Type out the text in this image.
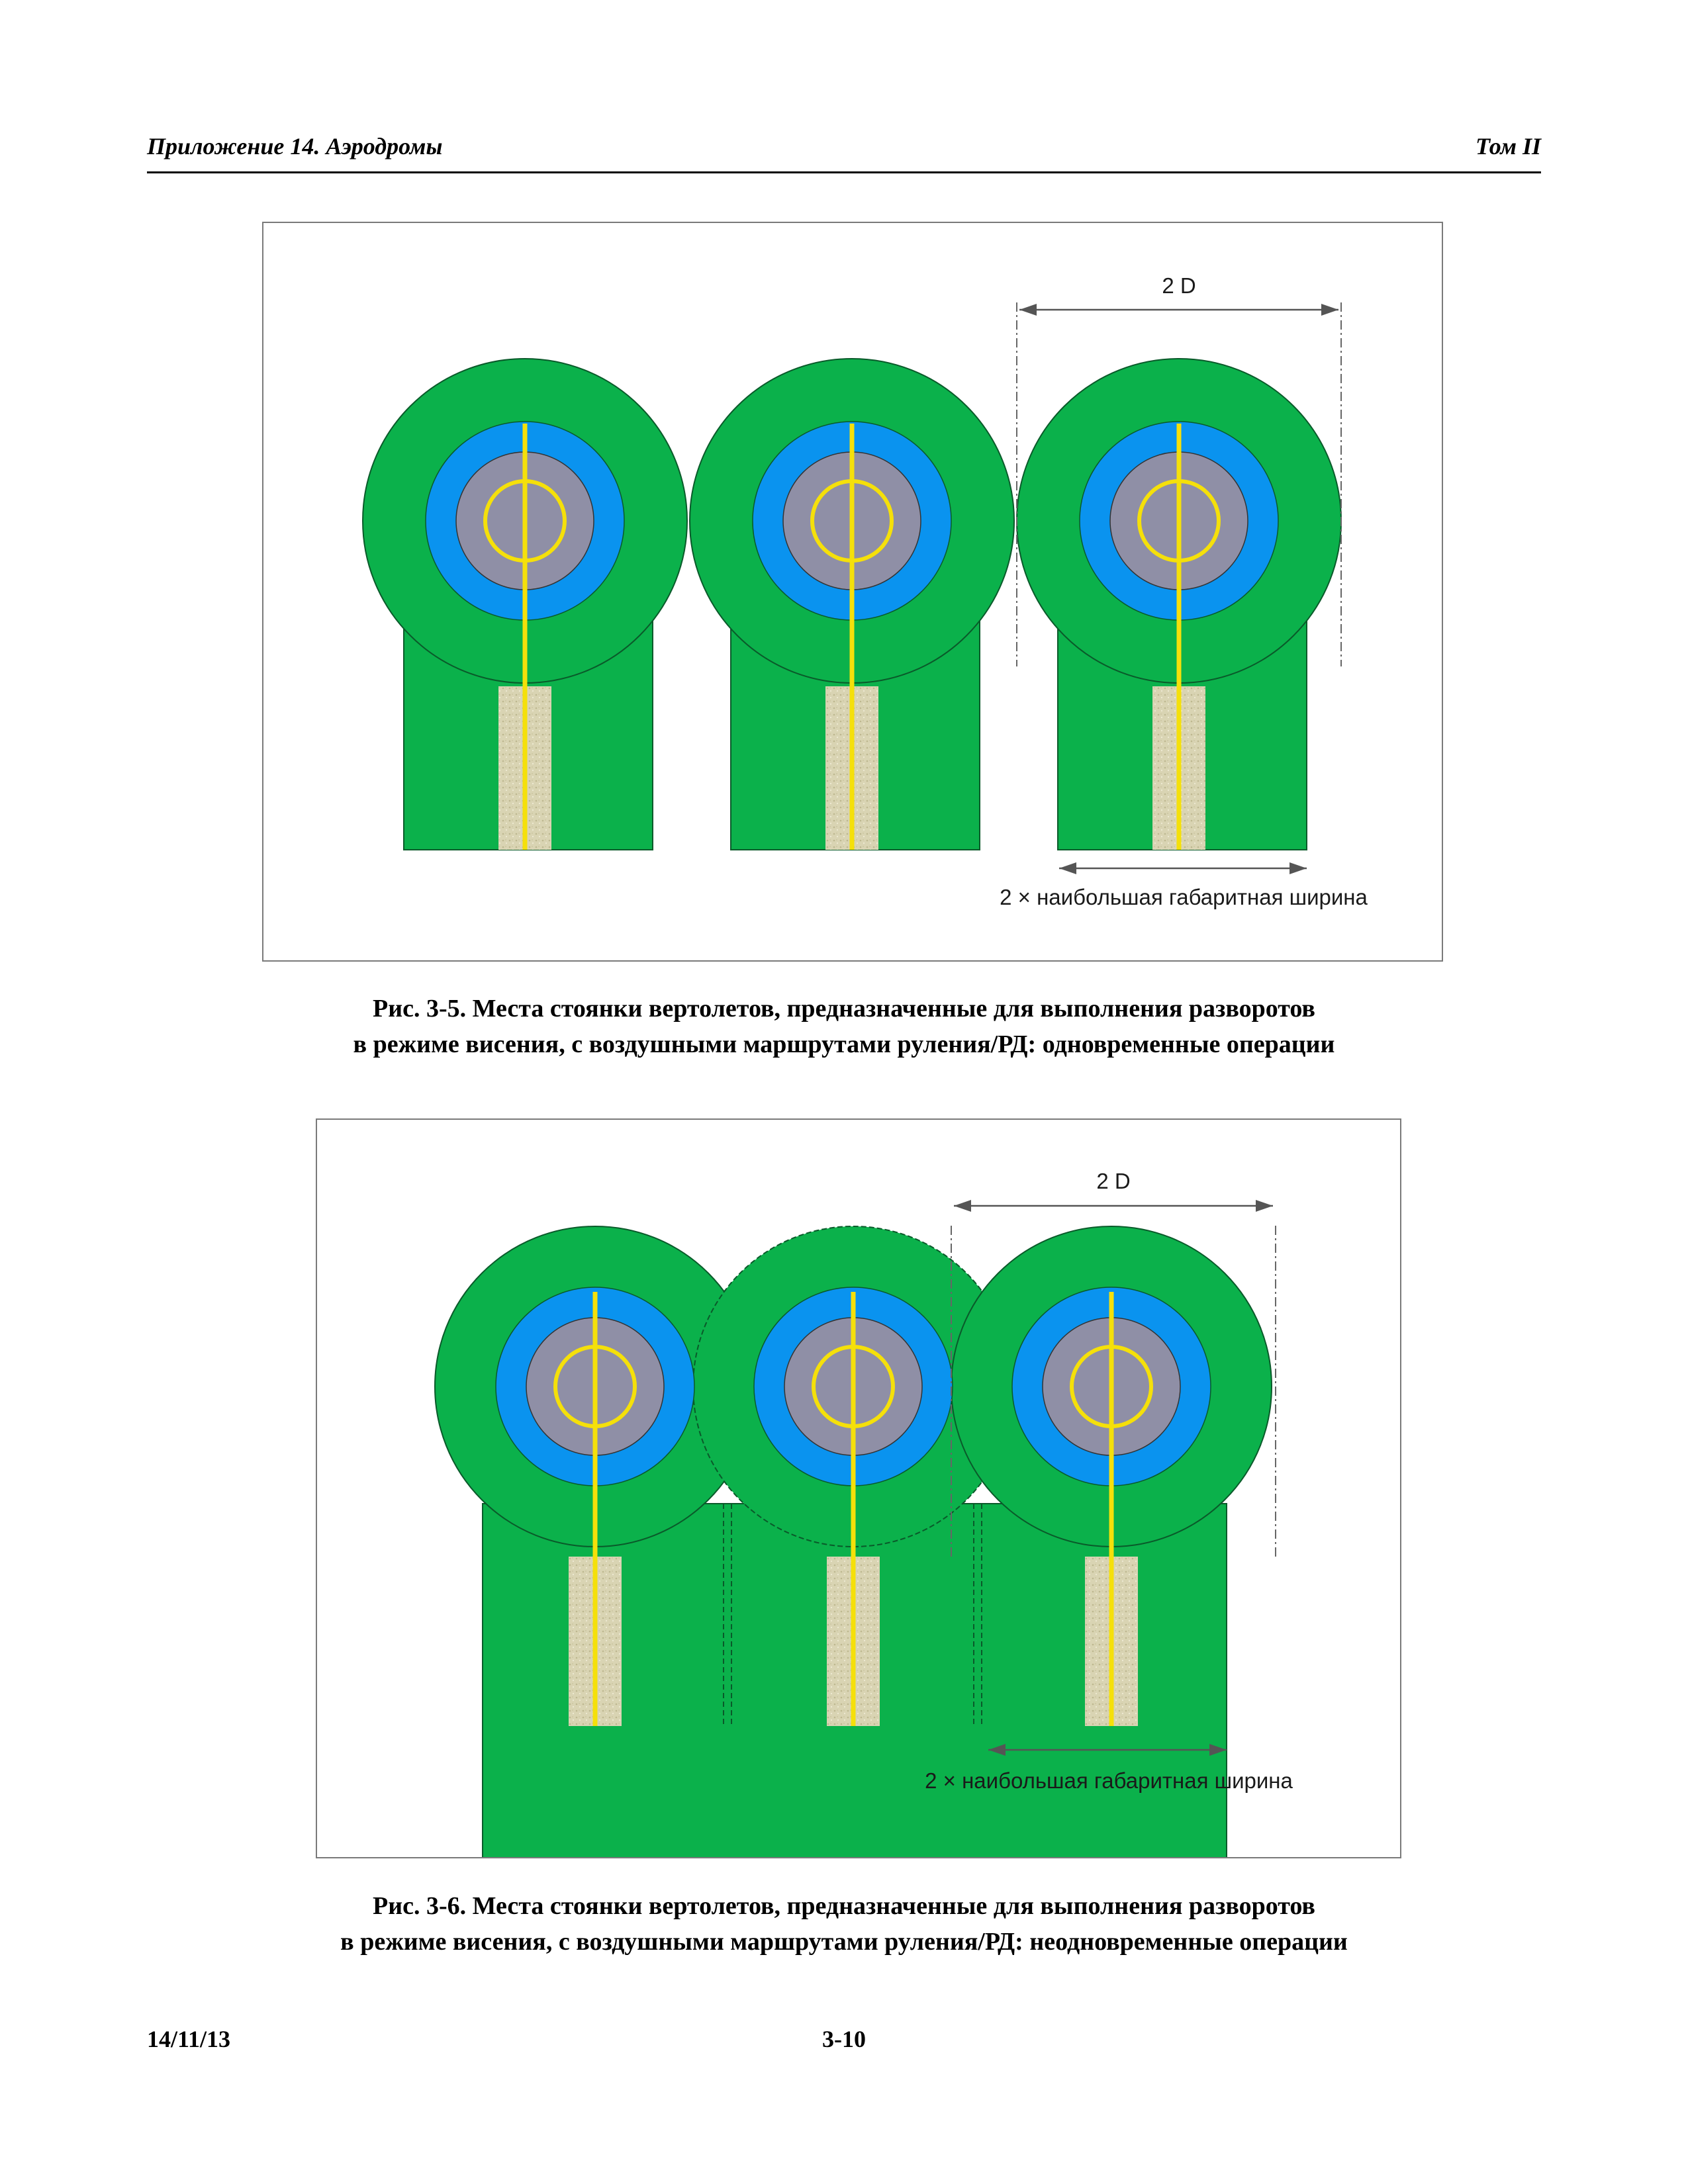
Приложение 14. Аэродромы	Том II
2 D
2 × наибольшая габаритная ширина
Рис. 3-5. Места стоянки вертолетов, предназначенные для выполнения разворотов
в режиме висения, с воздушными маршрутами руления/РД: одновременные операции
2 D
2 × наибольшая габаритная ширина
Рис. 3-6. Места стоянки вертолетов, предназначенные для выполнения разворотов
в режиме висения, с воздушными маршрутами руления/РД: неодновременные операции
14/11/13	3-10
